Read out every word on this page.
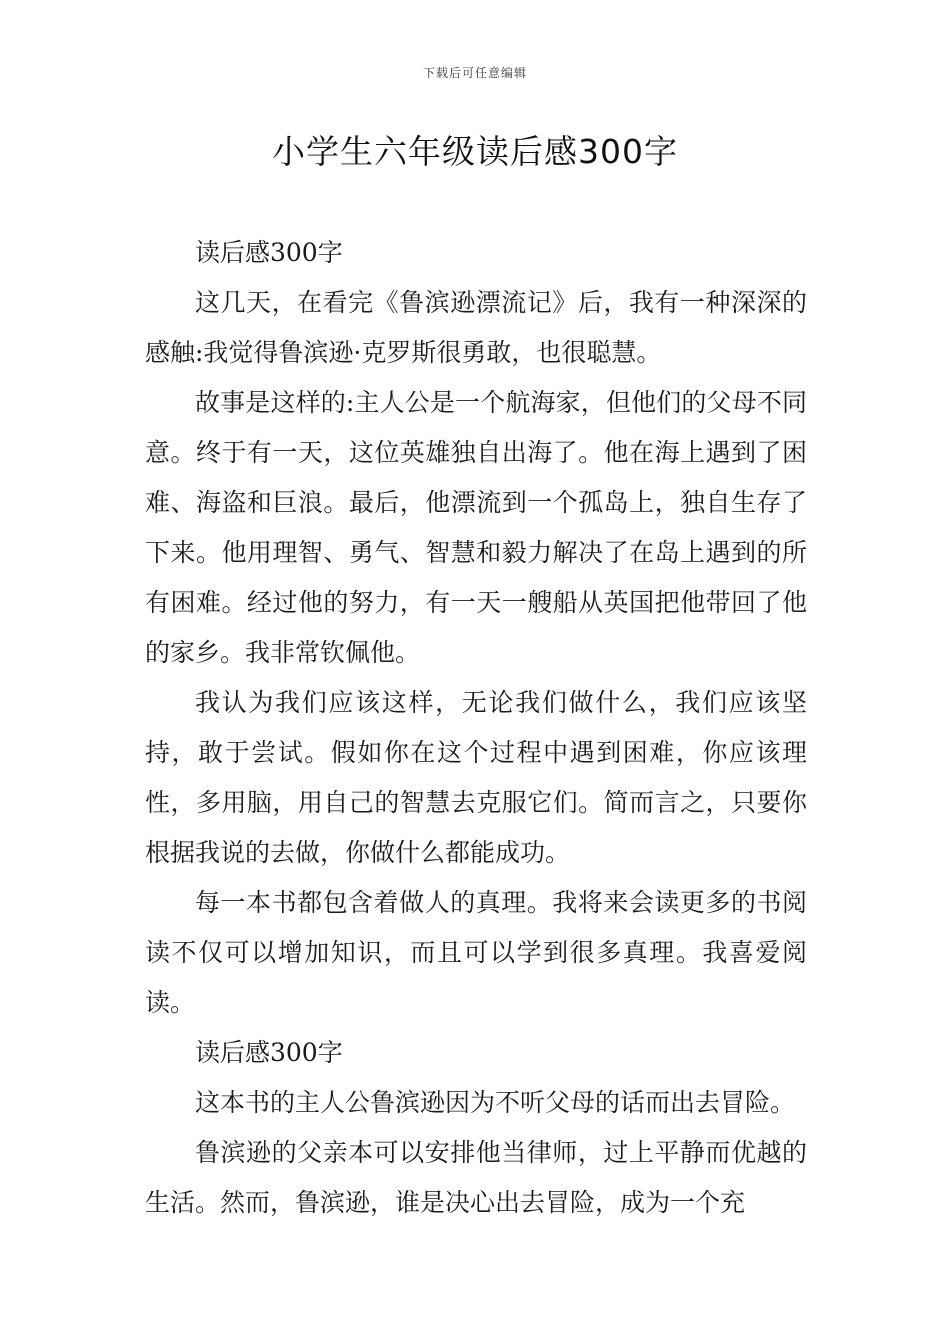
下载后可任意编辑
小学生六年级读后感300字

读后感300字

这几天，在看完《鲁滨逊漂流记》后，我有一种深深的感触:我觉得鲁滨逊·克罗斯很勇敢，也很聪慧。

故事是这样的:主人公是一个航海家，但他们的父母不同意。终于有一天，这位英雄独自出海了。他在海上遇到了困难、海盗和巨浪。最后，他漂流到一个孤岛上，独自生存了下来。他用理智、勇气、智慧和毅力解决了在岛上遇到的所有困难。经过他的努力，有一天一艘船从英国把他带回了他的家乡。我非常钦佩他。

我认为我们应该这样，无论我们做什么，我们应该坚持，敢于尝试。假如你在这个过程中遇到困难，你应该理性，多用脑，用自己的智慧去克服它们。简而言之，只要你根据我说的去做，你做什么都能成功。

每一本书都包含着做人的真理。我将来会读更多的书阅读不仅可以增加知识，而且可以学到很多真理。我喜爱阅读。

读后感300字

这本书的主人公鲁滨逊因为不听父母的话而出去冒险。

鲁滨逊的父亲本可以安排他当律师，过上平静而优越的生活。然而，鲁滨逊，谁是决心出去冒险，成为一个充
